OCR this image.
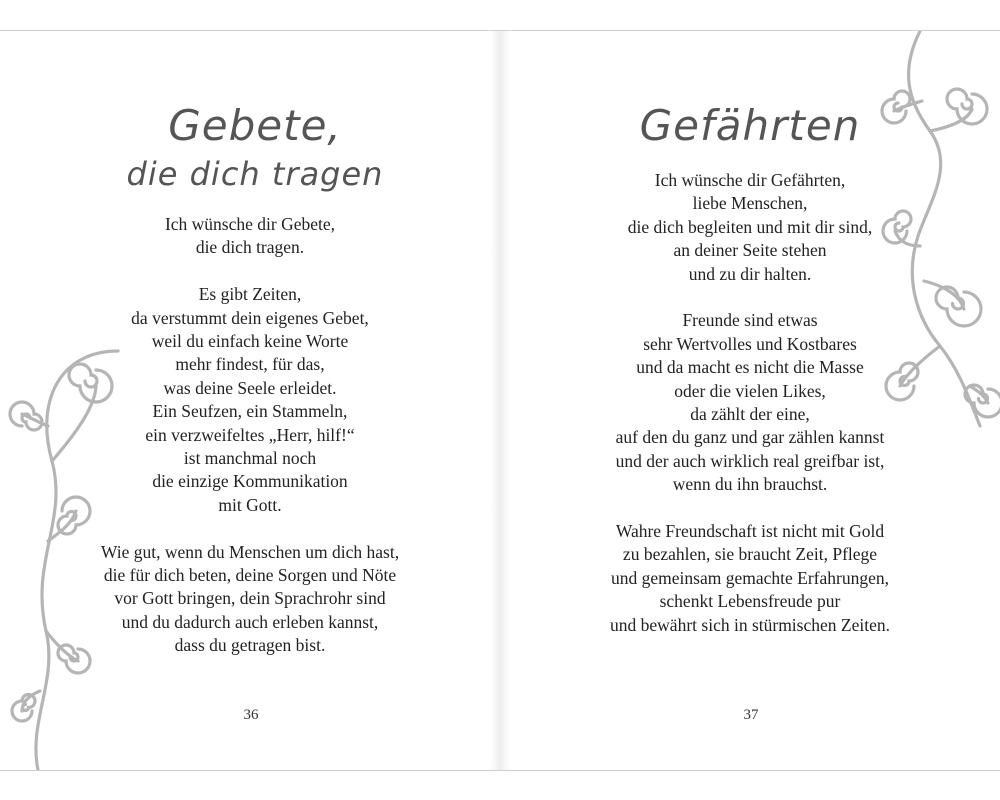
Gebete,
die dich tragen

Ich wünsche dir Gebete,
die dich tragen.

Es gibt Zeiten,
da verstummt dein eigenes Gebet,
weil du einfach keine Worte
mehr findest, für das,
was deine Seele erleidet.
Ein Seufzen, ein Stammeln,
ein verzweifeltes „Herr, hilf!“
ist manchmal noch
die einzige Kommunikation
mit Gott.

Wie gut, wenn du Menschen um dich hast,
die für dich beten, deine Sorgen und Nöte
vor Gott bringen, dein Sprachrohr sind
und du dadurch auch erleben kannst,
dass du getragen bist.

36
Gefährten

Ich wünsche dir Gefährten,
liebe Menschen,
die dich begleiten und mit dir sind,
an deiner Seite stehen
und zu dir halten.

Freunde sind etwas
sehr Wertvolles und Kostbares
und da macht es nicht die Masse
oder die vielen Likes,
da zählt der eine,
auf den du ganz und gar zählen kannst
und der auch wirklich real greifbar ist,
wenn du ihn brauchst.

Wahre Freundschaft ist nicht mit Gold
zu bezahlen, sie braucht Zeit, Pflege
und gemeinsam gemachte Erfahrungen,
schenkt Lebensfreude pur
und bewährt sich in stürmischen Zeiten.

37
